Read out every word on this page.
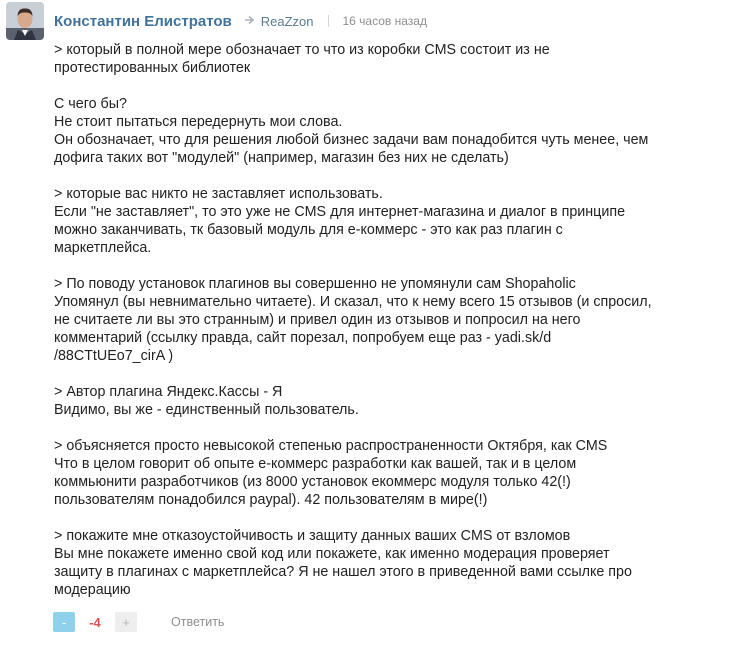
Константин Елистратов ReaZzon 16 часов назад
> который в полной мере обозначает то что из коробки CMS состоит из не
протестированных библиотек
С чего бы?
Не стоит пытаться передернуть мои слова.
Он обозначает, что для решения любой бизнес задачи вам понадобится чуть менее, чем
дофига таких вот "модулей" (например, магазин без них не сделать)
> которые вас никто не заставляет использовать.
Если "не заставляет", то это уже не CMS для интернет-магазина и диалог в принципе
можно заканчивать, тк базовый модуль для е-коммерс - это как раз плагин с
маркетплейса.
> По поводу установок плагинов вы совершенно не упомянули сам Shopaholic
Упомянул (вы невнимательно читаете). И сказал, что к нему всего 15 отзывов (и спросил,
не считаете ли вы это странным) и привел один из отзывов и попросил на него
комментарий (ссылку правда, сайт порезал, попробуем еще раз - yadi.sk/d
/88CTtUEo7_cirA )
> Автор плагина Яндекс.Кассы - Я
Видимо, вы же - единственный пользователь.
> объясняется просто невысокой степенью распространенности Октября, как CMS
Что в целом говорит об опыте е-коммерс разработки как вашей, так и в целом
коммьюнити разработчиков (из 8000 установок екоммерс модуля только 42(!)
пользователям понадобился paypal). 42 пользователям в мире(!)
> покажите мне отказоустойчивость и защиту данных ваших CMS от взломов
Вы мне покажете именно свой код или покажете, как именно модерация проверяет
защиту в плагинах с маркетплейса? Я не нашел этого в приведенной вами ссылке про
модерацию
-	-4	+	Ответить
